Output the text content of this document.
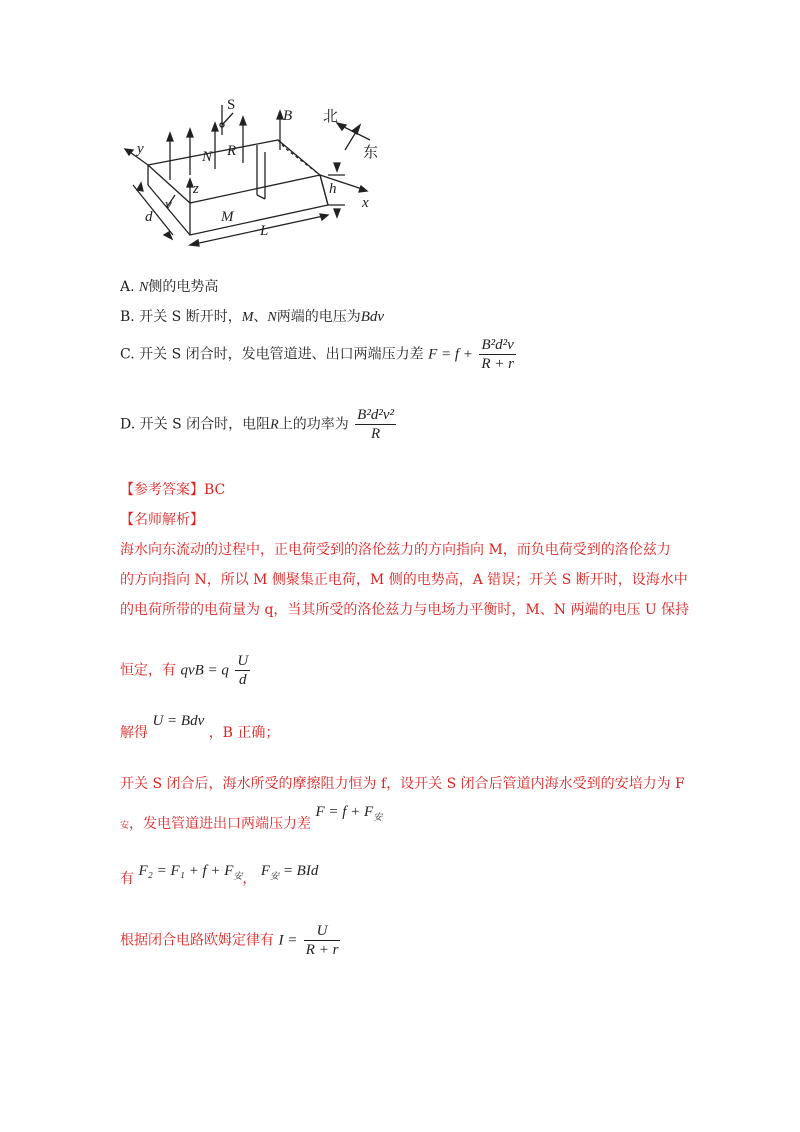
S
B 北
东
y
z
x
v
N R
M
d
h
L
A. N侧的电势高
B. 开关 S 断开时，M、N两端的电压为Bdv
C. 开关 S 闭合时，发电管道进、出口两端压力差 $F = f + \frac{\text{B²d²v}}{R + r}$
D. 开关 S 闭合时，电阻R上的功率为 $\frac{\text{B²d²v²}}{R}$
【参考答案】BC
【名师解析】
海水向东流动的过程中，正电荷受到的洛伦兹力的方向指向 M，而负电荷受到的洛伦兹力
的方向指向 N，所以 M 侧聚集正电荷，M 侧的电势高，A 错误；开关 S 断开时，设海水中
的电荷所带的电荷量为 q，当其所受的洛伦兹力与电场力平衡时，M、N 两端的电压 U 保持
恒定，有 qvB = q $\frac{U}{d}$
解得 U = Bdv ，B 正确；
开关 S 闭合后，海水所受的摩擦阻力恒为 f，设开关 S 闭合后管道内海水受到的安培力为 F
安，发电管道进出口两端压力差 $F = f + F_安$
有 $F_2 = F_1 + f + F_安$， $F_安$ = BId
根据闭合电路欧姆定律有 $I = \frac{U}{R + r}$
